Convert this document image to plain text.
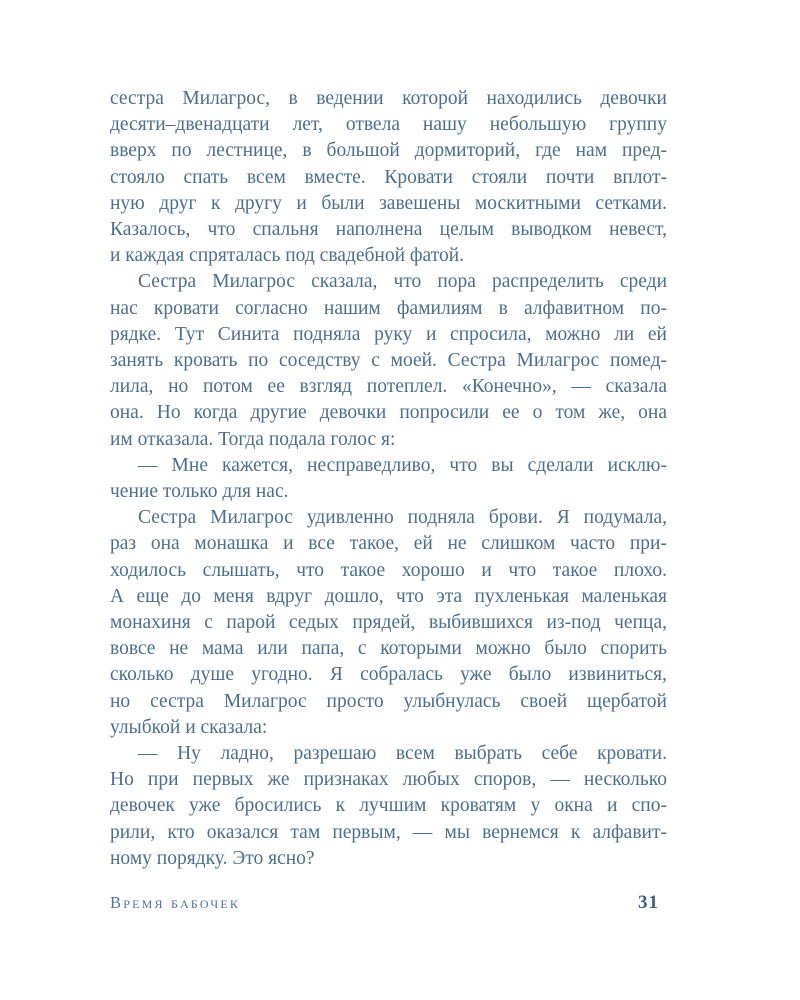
сестра Милагрос, в ведении которой находились девочки
десяти–двенадцати лет, отвела нашу небольшую группу
вверх по лестнице, в большой дормиторий, где нам пред-
стояло спать всем вместе. Кровати стояли почти вплот-
ную друг к другу и были завешены москитными сетками.
Казалось, что спальня наполнена целым выводком невест,
и каждая спряталась под свадебной фатой.
Сестра Милагрос сказала, что пора распределить среди
нас кровати согласно нашим фамилиям в алфавитном по-
рядке. Тут Синита подняла руку и спросила, можно ли ей
занять кровать по соседству с моей. Сестра Милагрос помед-
лила, но потом ее взгляд потеплел. «Конечно», — сказала
она. Но когда другие девочки попросили ее о том же, она
им отказала. Тогда подала голос я:
— Мне кажется, несправедливо, что вы сделали исклю-
чение только для нас.
Сестра Милагрос удивленно подняла брови. Я подумала,
раз она монашка и все такое, ей не слишком часто при-
ходилось слышать, что такое хорошо и что такое плохо.
А еще до меня вдруг дошло, что эта пухленькая маленькая
монахиня с парой седых прядей, выбившихся из-под чепца,
вовсе не мама или папа, с которыми можно было спорить
сколько душе угодно. Я собралась уже было извиниться,
но сестра Милагрос просто улыбнулась своей щербатой
улыбкой и сказала:
— Ну ладно, разрешаю всем выбрать себе кровати.
Но при первых же признаках любых споров, — несколько
девочек уже бросились к лучшим кроватям у окна и спо-
рили, кто оказался там первым, — мы вернемся к алфавит-
ному порядку. Это ясно?
Время бабочек	31
